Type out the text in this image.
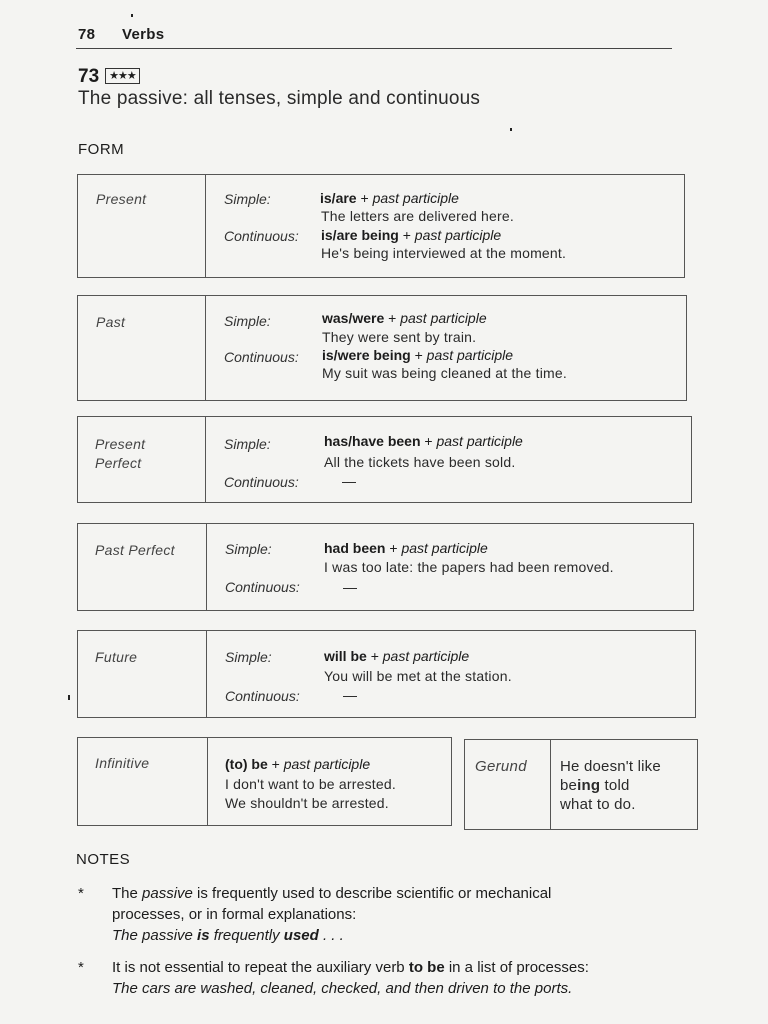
78 Verbs
73 ★★★
The passive: all tenses, simple and continuous
FORM
Present	Simple:	is/are + past participle
The letters are delivered here.
Continuous: is/are being + past participle
He's being interviewed at the moment.
Past	Simple:	was/were + past participle
They were sent by train.
Continuous: is/were being + past participle
My suit was being cleaned at the time.
Present
Perfect
Simple:	has/have been + past participle
All the tickets have been sold.
Continuous:	—
Past Perfect	Simple:	had been + past participle
I was too late: the papers had been removed.
Continuous:	—
Future	Simple:	will be + past participle
You will be met at the station.
Continuous:	—
Infinitive	(to) be + past participle
I don't want to be arrested.
We shouldn't be arrested.
Gerund He doesn't like
being told
what to do.
NOTES
* The passive is frequently used to describe scientific or mechanical
processes, or in formal explanations:
The passive is frequently used . . .
* It is not essential to repeat the auxiliary verb to be in a list of processes:
The cars are washed, cleaned, checked, and then driven to the ports.
